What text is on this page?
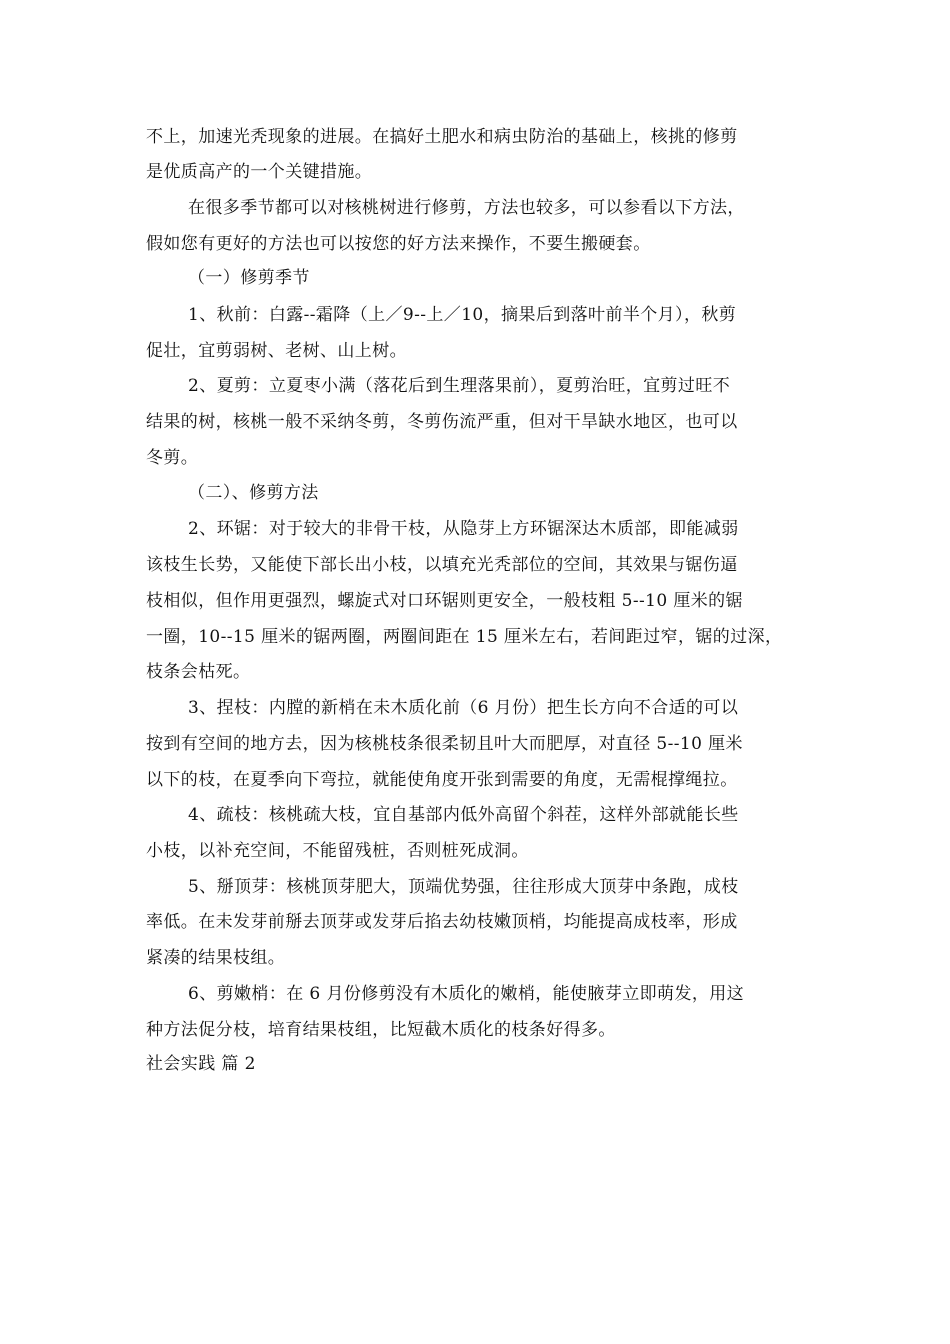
不上，加速光秃现象的进展。在搞好土肥水和病虫防治的基础上，核挑的修剪
是优质高产的一个关键措施。
在很多季节都可以对核桃树进行修剪，方法也较多，可以参看以下方法，
假如您有更好的方法也可以按您的好方法来操作，不要生搬硬套。
（一）修剪季节
1、秋前：白露--霜降（上／9--上／10，摘果后到落叶前半个月），秋剪
促壮，宜剪弱树、老树、山上树。
2、夏剪：立夏枣小满（落花后到生理落果前），夏剪治旺，宜剪过旺不
结果的树，核桃一般不采纳冬剪，冬剪伤流严重，但对干旱缺水地区，也可以
冬剪。
（二）、修剪方法
2、环锯：对于较大的非骨干枝，从隐芽上方环锯深达木质部，即能减弱
该枝生长势，又能使下部长出小枝，以填充光秃部位的空间，其效果与锯伤逼
枝相似，但作用更强烈，螺旋式对口环锯则更安全，一般枝粗 5--10 厘米的锯
一圈，10--15 厘米的锯两圈，两圈间距在 15 厘米左右，若间距过窄，锯的过深，
枝条会枯死。
3、捏枝：内膛的新梢在未木质化前（6 月份）把生长方向不合适的可以
按到有空间的地方去，因为核桃枝条很柔韧且叶大而肥厚，对直径 5--10 厘米
以下的枝，在夏季向下弯拉，就能使角度开张到需要的角度，无需棍撑绳拉。
4、疏枝：核桃疏大枝，宜自基部内低外高留个斜茬，这样外部就能长些
小枝，以补充空间，不能留残桩，否则桩死成洞。
5、掰顶芽：核桃顶芽肥大，顶端优势强，往往形成大顶芽中条跑，成枝
率低。在未发芽前掰去顶芽或发芽后掐去幼枝嫩顶梢，均能提高成枝率，形成
紧凑的结果枝组。
6、剪嫩梢：在 6 月份修剪没有木质化的嫩梢，能使腋芽立即萌发，用这
种方法促分枝，培育结果枝组，比短截木质化的枝条好得多。
社会实践 篇 2
